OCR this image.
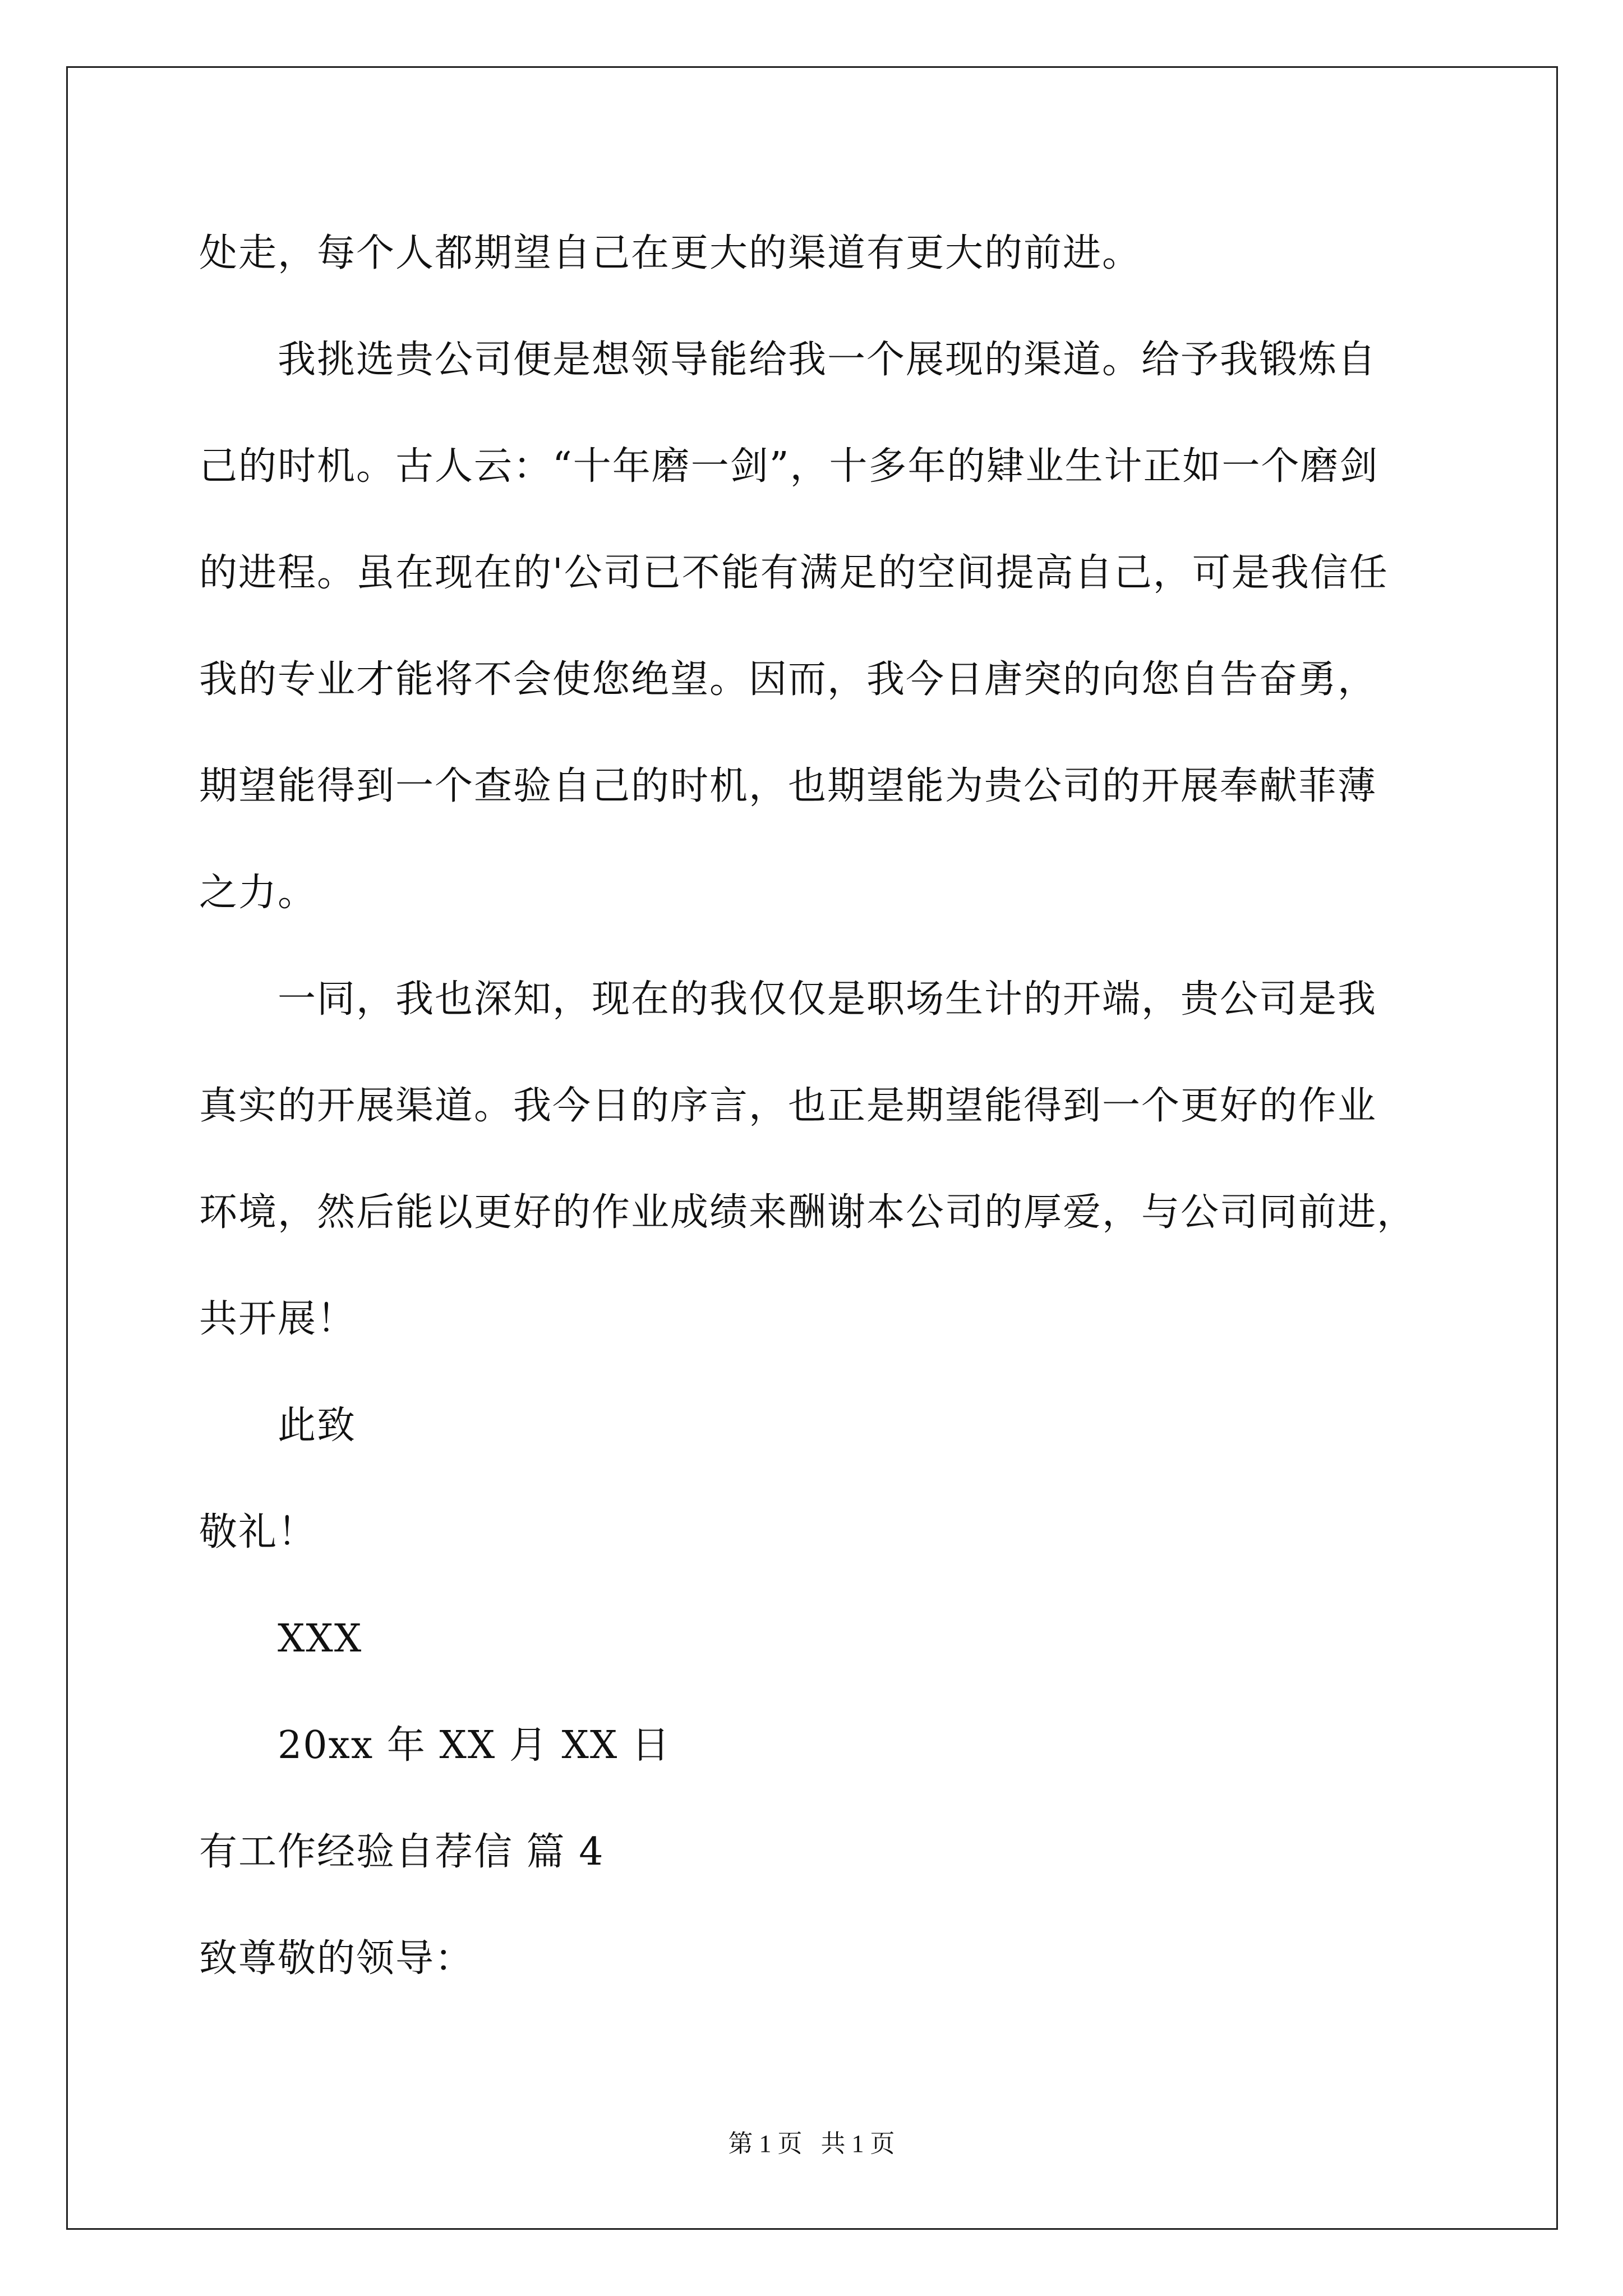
处走，每个人都期望自己在更大的渠道有更大的前进。
我挑选贵公司便是想领导能给我一个展现的渠道。给予我锻炼自
己的时机。古人云：“十年磨一剑”，十多年的肄业生计正如一个磨剑
的进程。虽在现在的'公司已不能有满足的空间提高自己，可是我信任
我的专业才能将不会使您绝望。因而，我今日唐突的向您自告奋勇，
期望能得到一个查验自己的时机，也期望能为贵公司的开展奉献菲薄
之力。
一同，我也深知，现在的我仅仅是职场生计的开端，贵公司是我
真实的开展渠道。我今日的序言，也正是期望能得到一个更好的作业
环境，然后能以更好的作业成绩来酬谢本公司的厚爱，与公司同前进，
共开展！
此致
敬礼！
XXX
20xx 年 XX 月 XX 日
有工作经验自荐信 篇 4
致尊敬的领导：
第 1 页   共 1 页
